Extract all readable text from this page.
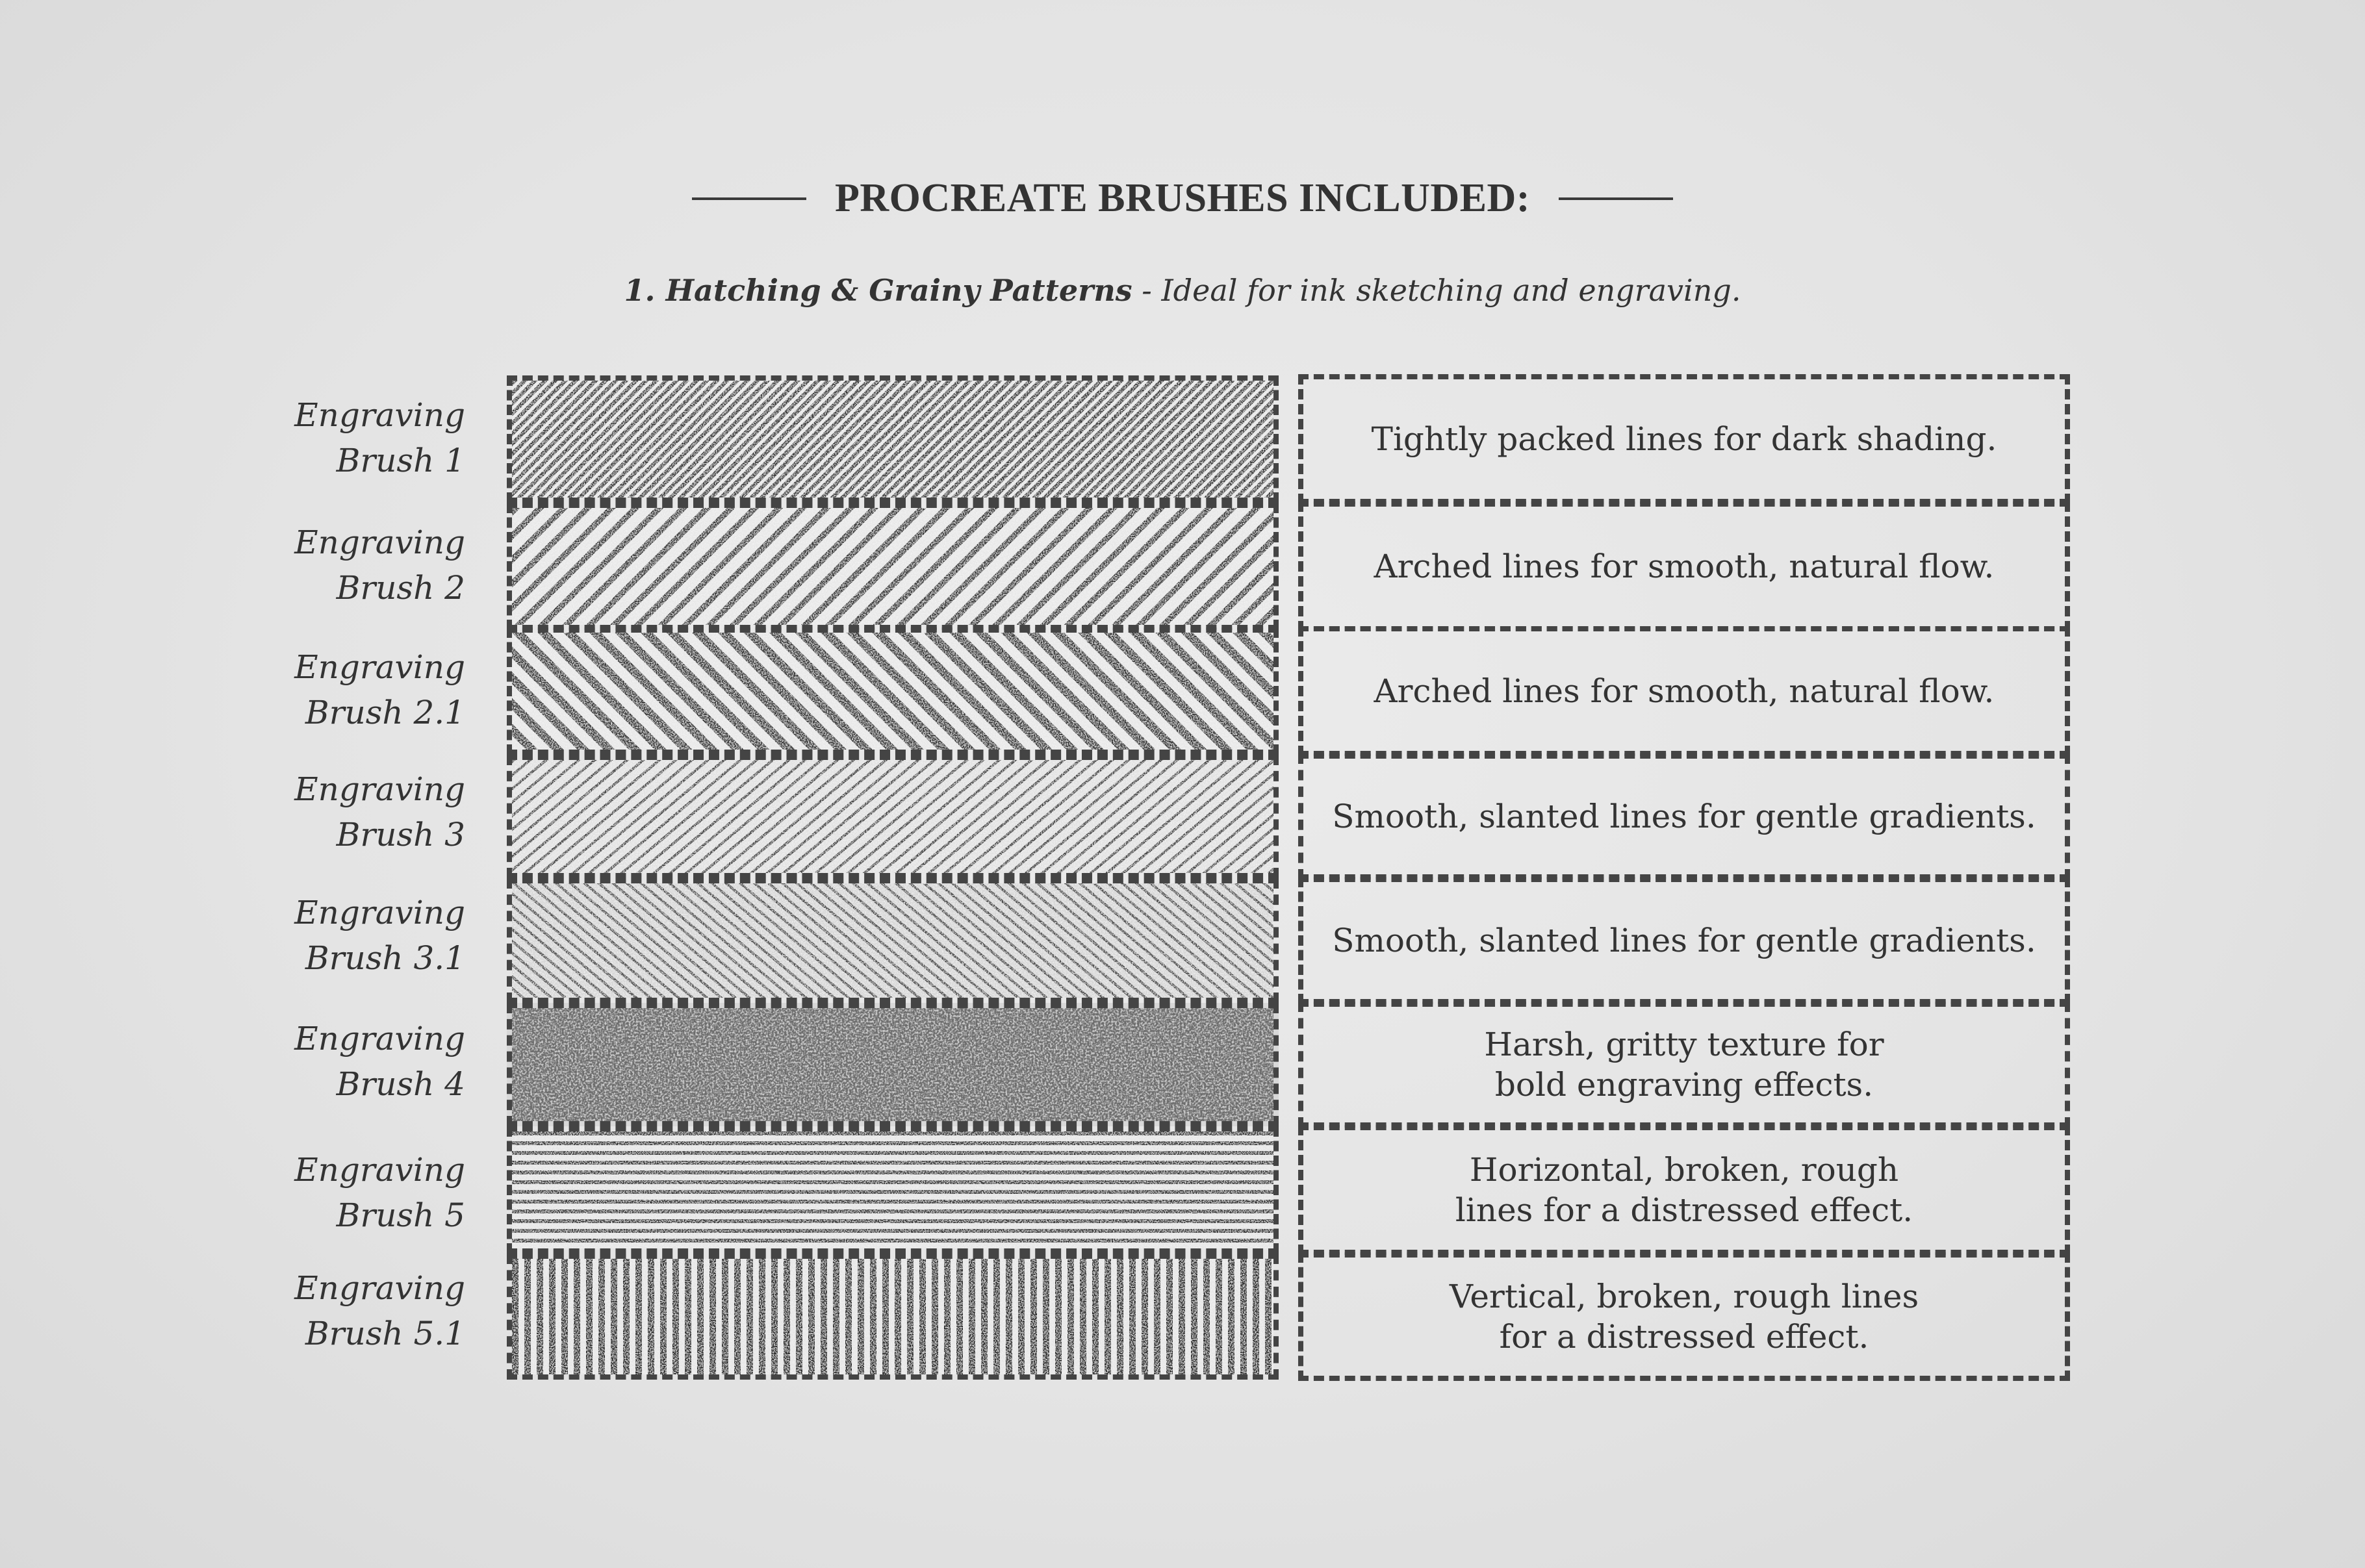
PROCREATE BRUSHES INCLUDED:
1. Hatching & Grainy Patterns - Ideal for ink sketching and engraving.
Engraving
Brush 1
Tightly packed lines for dark shading.
Engraving
Brush 2
Arched lines for smooth, natural flow.
Engraving
Brush 2.1
Arched lines for smooth, natural flow.
Engraving
Brush 3	Smooth, slanted lines for gentle gradients.
Engraving
Brush 3.1	Smooth, slanted lines for gentle gradients.
Engraving
Brush 4
Harsh, gritty texture for
bold engraving effects.
Engraving
Brush 5
Horizontal, broken, rough
lines for a distressed effect.
Engraving
Brush 5.1
Vertical, broken, rough lines
for a distressed effect.
